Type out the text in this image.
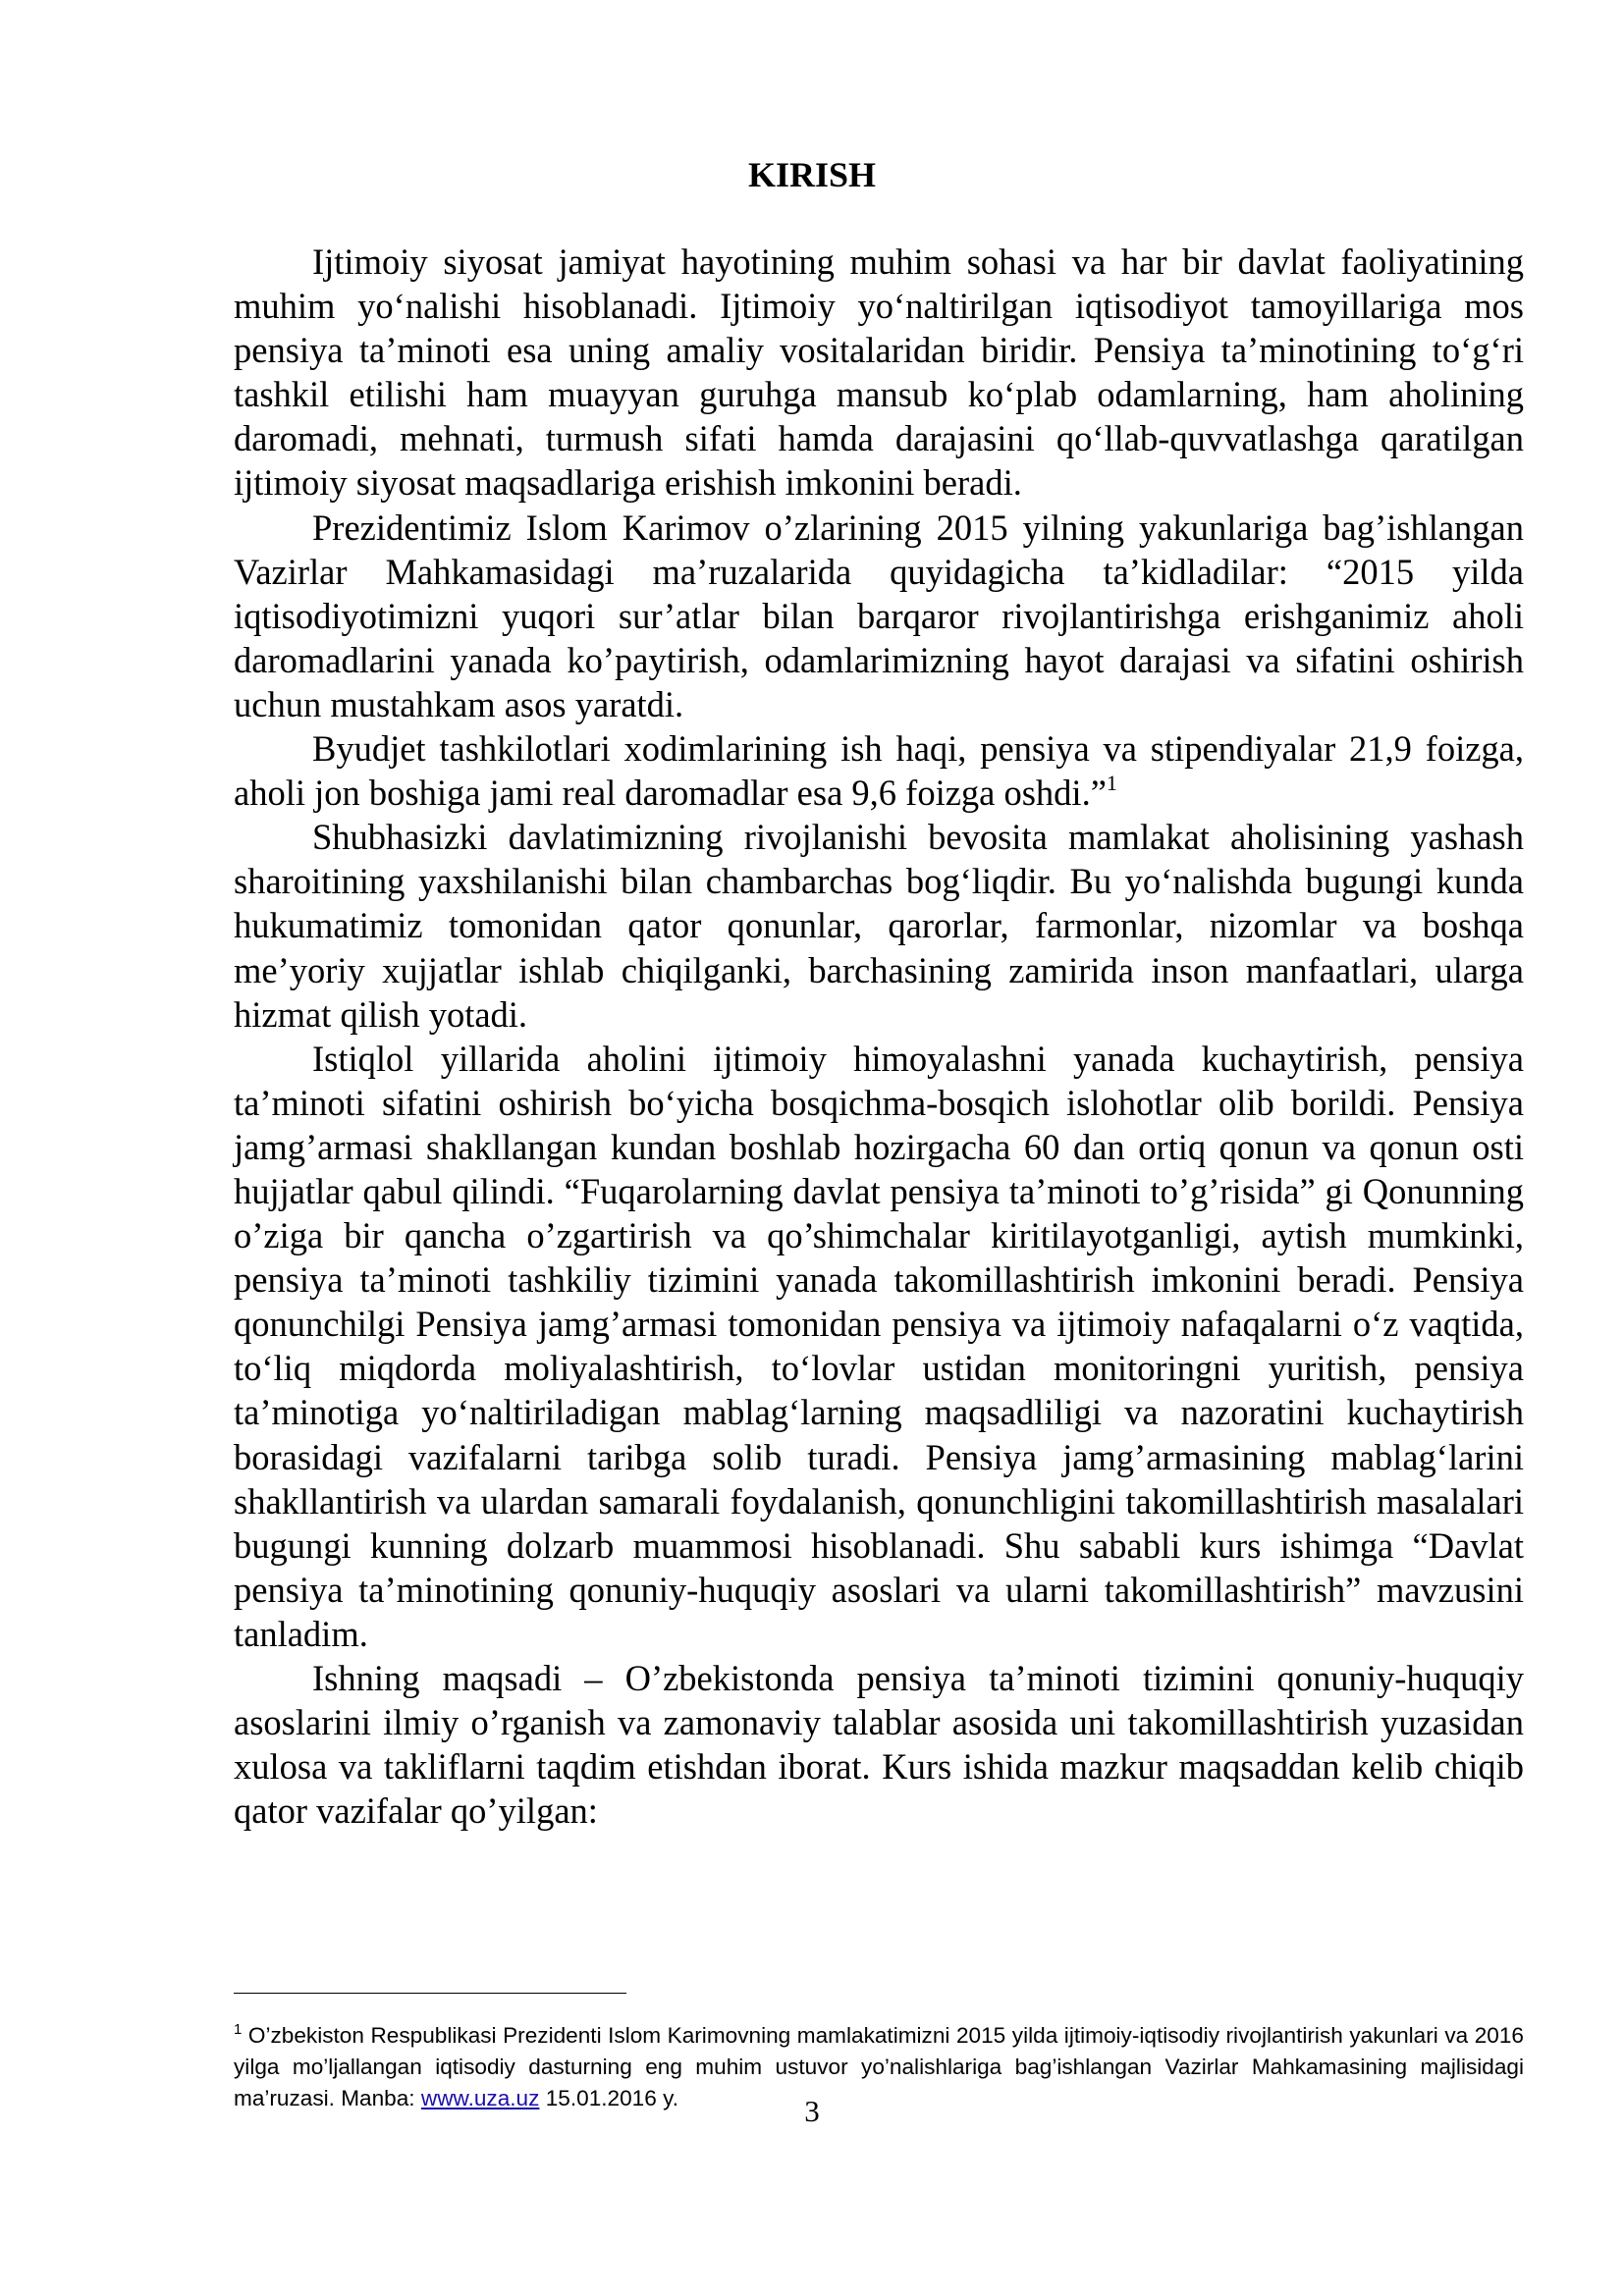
KIRISH

Ijtimoiy siyosat jamiyat hayotining muhim sohasi va har bir davlat faoliyatining muhim yo‘nalishi hisoblanadi. Ijtimoiy yo‘naltirilgan iqtisodiyot tamoyillariga mos pensiya ta’minoti esa uning amaliy vositalaridan biridir. Pensiya ta’minotining to‘g‘ri tashkil etilishi ham muayyan guruhga mansub ko‘plab odamlarning, ham aholining daromadi, mehnati, turmush sifati hamda darajasini qo‘llab-quvvatlashga qaratilgan ijtimoiy siyosat maqsadlariga erishish imkonini beradi.

Prezidentimiz Islom Karimov o’zlarining 2015 yilning yakunlariga bag’ishlangan Vazirlar Mahkamasidagi ma’ruzalarida quyidagicha ta’kidladilar: “2015 yilda iqtisodiyotimizni yuqori sur’atlar bilan barqaror rivojlantirishga erishganimiz aholi daromadlarini yanada ko’paytirish, odamlarimizning hayot darajasi va sifatini oshirish uchun mustahkam asos yaratdi.

Byudjet tashkilotlari xodimlarining ish haqi, pensiya va stipendiyalar 21,9 foizga, aholi jon boshiga jami real daromadlar esa 9,6 foizga oshdi.”$^1$

Shubhasizki davlatimizning rivojlanishi bevosita mamlakat aholisining yashash sharoitining yaxshilanishi bilan chambarchas bog‘liqdir. Bu yo‘nalishda bugungi kunda hukumatimiz tomonidan qator qonunlar, qarorlar, farmonlar, nizomlar va boshqa me’yoriy xujjatlar ishlab chiqilganki, barchasining zamirida inson manfaatlari, ularga hizmat qilish yotadi.

Istiqlol yillarida aholini ijtimoiy himoyalashni yanada kuchaytirish, pensiya ta’minoti sifatini oshirish bo‘yicha bosqichma-bosqich islohotlar olib borildi. Pensiya jamg’armasi shakllangan kundan boshlab hozirgacha 60 dan ortiq qonun va qonun osti hujjatlar qabul qilindi. “Fuqarolarning davlat pensiya ta’minoti to’g’risida” gi Qonunning o’ziga bir qancha o’zgartirish va qo’shimchalar kiritilayotganligi, aytish mumkinki, pensiya ta’minoti tashkiliy tizimini yanada takomillashtirish imkonini beradi. Pensiya qonunchilgi Pensiya jamg’armasi tomonidan pensiya va ijtimoiy nafaqalarni o‘z vaqtida, to‘liq miqdorda moliyalashtirish, to‘lovlar ustidan monitoringni yuritish, pensiya ta’minotiga yo‘naltiriladigan mablag‘larning maqsadliligi va nazoratini kuchaytirish borasidagi vazifalarni taribga solib turadi. Pensiya jamg’armasining mablag‘larini shakllantirish va ulardan samarali foydalanish, qonunchligini takomillashtirish masalalari bugungi kunning dolzarb muammosi hisoblanadi. Shu sababli kurs ishimga “Davlat pensiya ta’minotining qonuniy-huquqiy asoslari va ularni takomillashtirish” mavzusini tanladim.

Ishning maqsadi – O’zbekistonda pensiya ta’minoti tizimini qonuniy-huquqiy asoslarini ilmiy o’rganish va zamonaviy talablar asosida uni takomillashtirish yuzasidan xulosa va takliflarni taqdim etishdan iborat. Kurs ishida mazkur maqsaddan kelib chiqib qator vazifalar qo’yilgan:

$^1$ O’zbekiston Respublikasi Prezidenti Islom Karimovning mamlakatimizni 2015 yilda ijtimoiy-iqtisodiy rivojlantirish yakunlari va 2016 yilga mo’ljallangan iqtisodiy dasturning eng muhim ustuvor yo’nalishlariga bag’ishlangan Vazirlar Mahkamasining majlisidagi ma’ruzasi. Manba: www.uza.uz 15.01.2016 y.	3
